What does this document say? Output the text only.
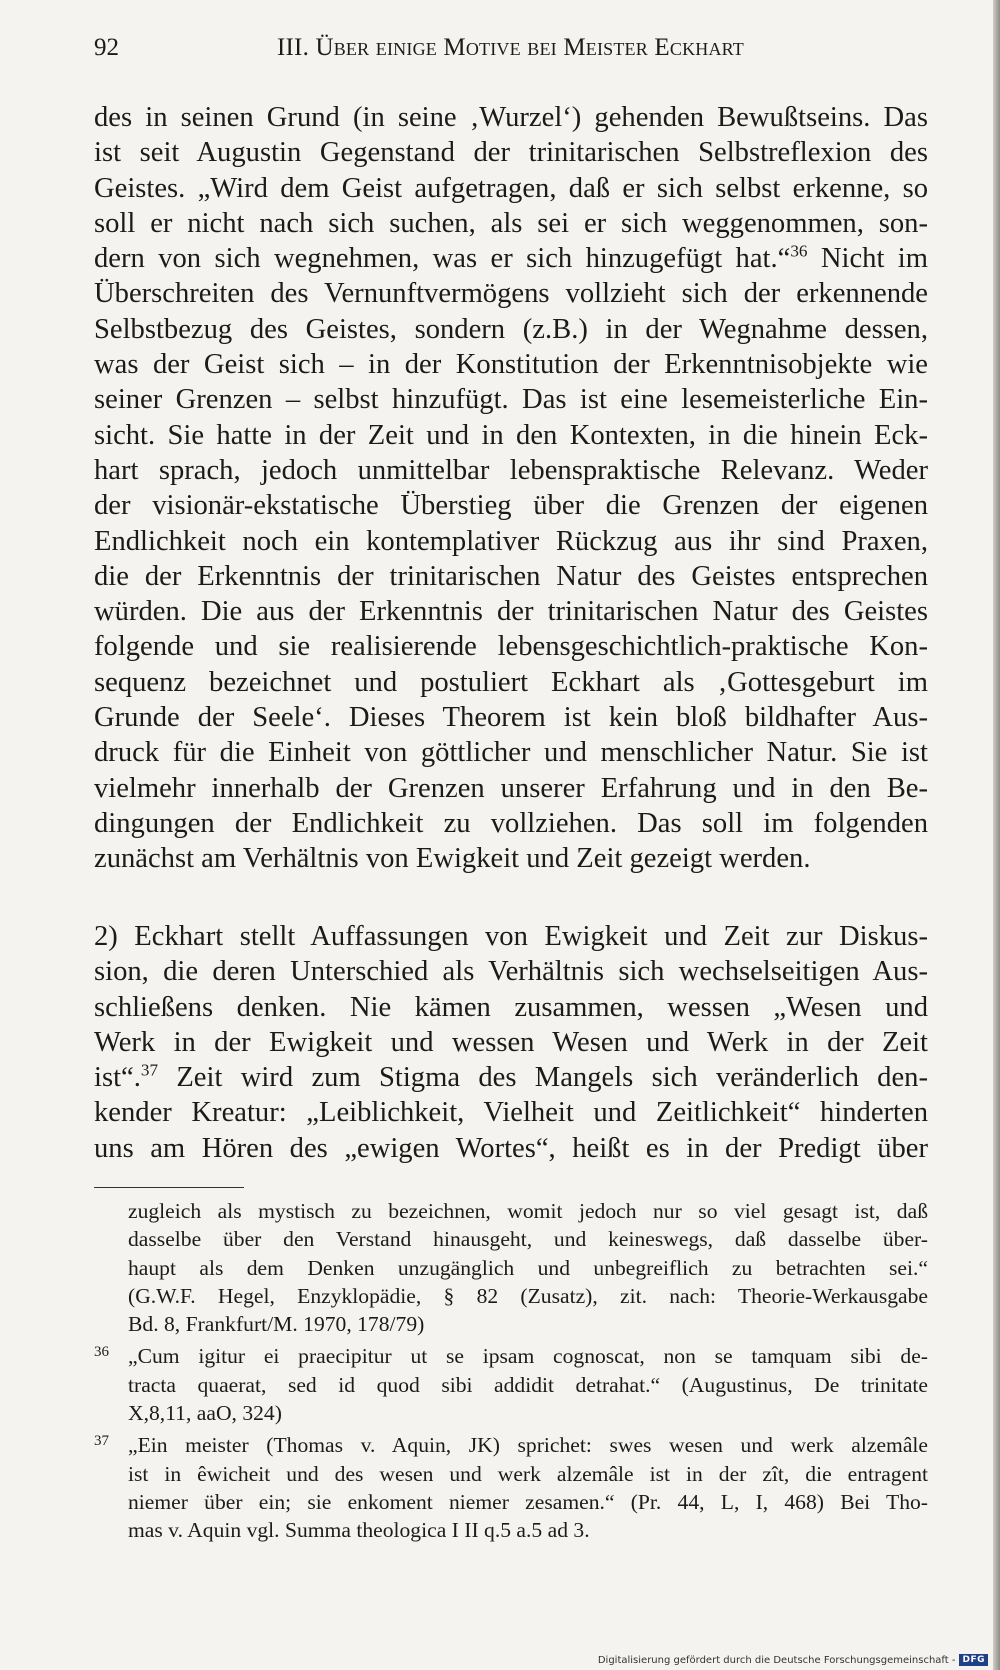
92	III. Über einige Motive bei Meister Eckhart
des in seinen Grund (in seine ‚Wurzel‘) gehenden Bewußtseins. Das
ist seit Augustin Gegenstand der trinitarischen Selbstreflexion des
Geistes. „Wird dem Geist aufgetragen, daß er sich selbst erkenne, so
soll er nicht nach sich suchen, als sei er sich weggenommen, son-
dern von sich wegnehmen, was er sich hinzugefügt hat.“$^{36}$ Nicht im
Überschreiten des Vernunftvermögens vollzieht sich der erkennende
Selbstbezug des Geistes, sondern (z.B.) in der Wegnahme dessen,
was der Geist sich – in der Konstitution der Erkenntnisobjekte wie
seiner Grenzen – selbst hinzufügt. Das ist eine lesemeisterliche Ein-
sicht. Sie hatte in der Zeit und in den Kontexten, in die hinein Eck-
hart sprach, jedoch unmittelbar lebenspraktische Relevanz. Weder
der visionär-ekstatische Überstieg über die Grenzen der eigenen
Endlichkeit noch ein kontemplativer Rückzug aus ihr sind Praxen,
die der Erkenntnis der trinitarischen Natur des Geistes entsprechen
würden. Die aus der Erkenntnis der trinitarischen Natur des Geistes
folgende und sie realisierende lebensgeschichtlich-praktische Kon-
sequenz bezeichnet und postuliert Eckhart als ‚Gottesgeburt im
Grunde der Seele‘. Dieses Theorem ist kein bloß bildhafter Aus-
druck für die Einheit von göttlicher und menschlicher Natur. Sie ist
vielmehr innerhalb der Grenzen unserer Erfahrung und in den Be-
dingungen der Endlichkeit zu vollziehen. Das soll im folgenden
zunächst am Verhältnis von Ewigkeit und Zeit gezeigt werden.
2) Eckhart stellt Auffassungen von Ewigkeit und Zeit zur Diskus-
sion, die deren Unterschied als Verhältnis sich wechselseitigen Aus-
schließens denken. Nie kämen zusammen, wessen „Wesen und
Werk in der Ewigkeit und wessen Wesen und Werk in der Zeit
ist“.$^{37}$ Zeit wird zum Stigma des Mangels sich veränderlich den-
kender Kreatur: „Leiblichkeit, Vielheit und Zeitlichkeit“ hinderten
uns am Hören des „ewigen Wortes“, heißt es in der Predigt über
zugleich als mystisch zu bezeichnen, womit jedoch nur so viel gesagt ist, daß
dasselbe über den Verstand hinausgeht, und keineswegs, daß dasselbe über-
haupt als dem Denken unzugänglich und unbegreiflich zu betrachten sei.“
(G.W.F. Hegel, Enzyklopädie, § 82 (Zusatz), zit. nach: Theorie-Werkausgabe
Bd. 8, Frankfurt/M. 1970, 178/79)
36 „Cum igitur ei praecipitur ut se ipsam cognoscat, non se tamquam sibi de-
tracta quaerat, sed id quod sibi addidit detrahat.“ (Augustinus, De trinitate
X,8,11, aaO, 324)
37 „Ein meister (Thomas v. Aquin, JK) sprichet: swes wesen und werk alzemâle
ist in êwicheit und des wesen und werk alzemâle ist in der zît, die entragent
niemer über ein; sie enkoment niemer zesamen.“ (Pr. 44, L, I, 468) Bei Tho-
mas v. Aquin vgl. Summa theologica I II q.5 a.5 ad 3.
Digitalisierung gefördert durch die Deutsche Forschungsgemeinschaft - DFG
